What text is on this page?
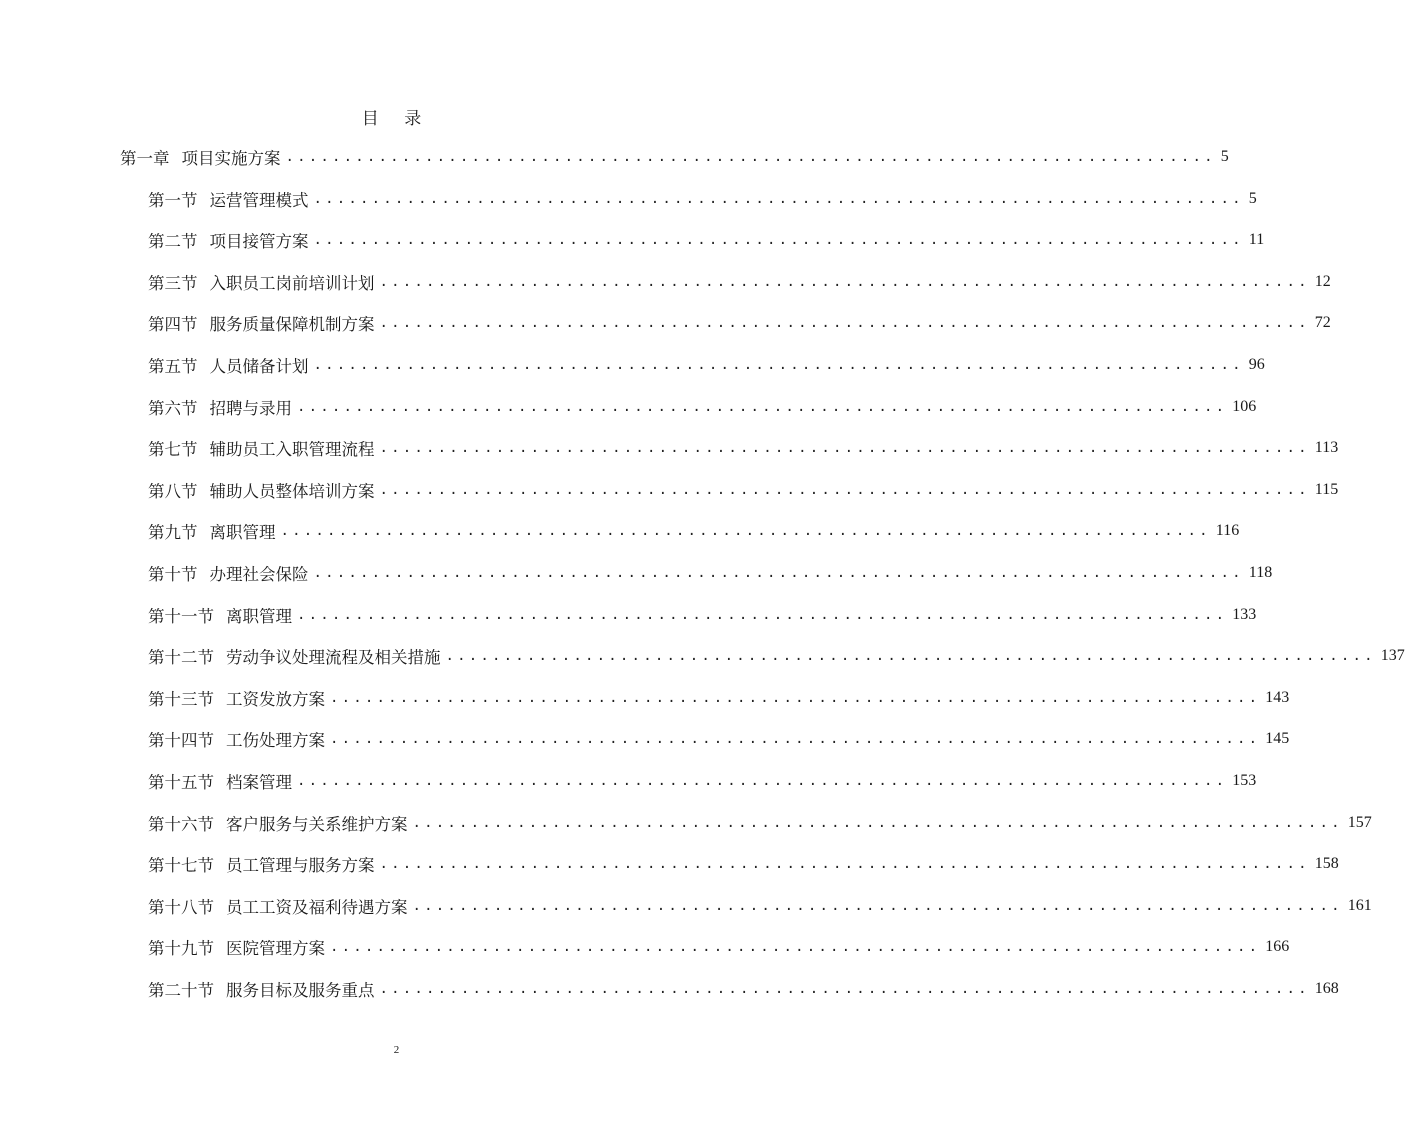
目 录
第一章 项目实施方案 ................................................................................ 5
第一节 运营管理模式 ................................................................................ 5
第二节 项目接管方案 ................................................................................ 11
第三节 入职员工岗前培训计划 ................................................................................ 12
第四节 服务质量保障机制方案 ................................................................................ 72
第五节 人员储备计划 ................................................................................ 96
第六节 招聘与录用 ................................................................................ 106
第七节 辅助员工入职管理流程 ................................................................................ 113
第八节 辅助人员整体培训方案 ................................................................................ 115
第九节 离职管理 ................................................................................ 116
第十节 办理社会保险 ................................................................................ 118
第十一节 离职管理 ................................................................................ 133
第十二节 劳动争议处理流程及相关措施 ................................................................................ 137
第十三节 工资发放方案 ................................................................................ 143
第十四节 工伤处理方案 ................................................................................ 145
第十五节 档案管理 ................................................................................ 153
第十六节 客户服务与关系维护方案 ................................................................................ 157
第十七节 员工管理与服务方案 ................................................................................ 158
第十八节 员工工资及福利待遇方案 ................................................................................ 161
第十九节 医院管理方案 ................................................................................ 166
第二十节 服务目标及服务重点 ................................................................................ 168
2
